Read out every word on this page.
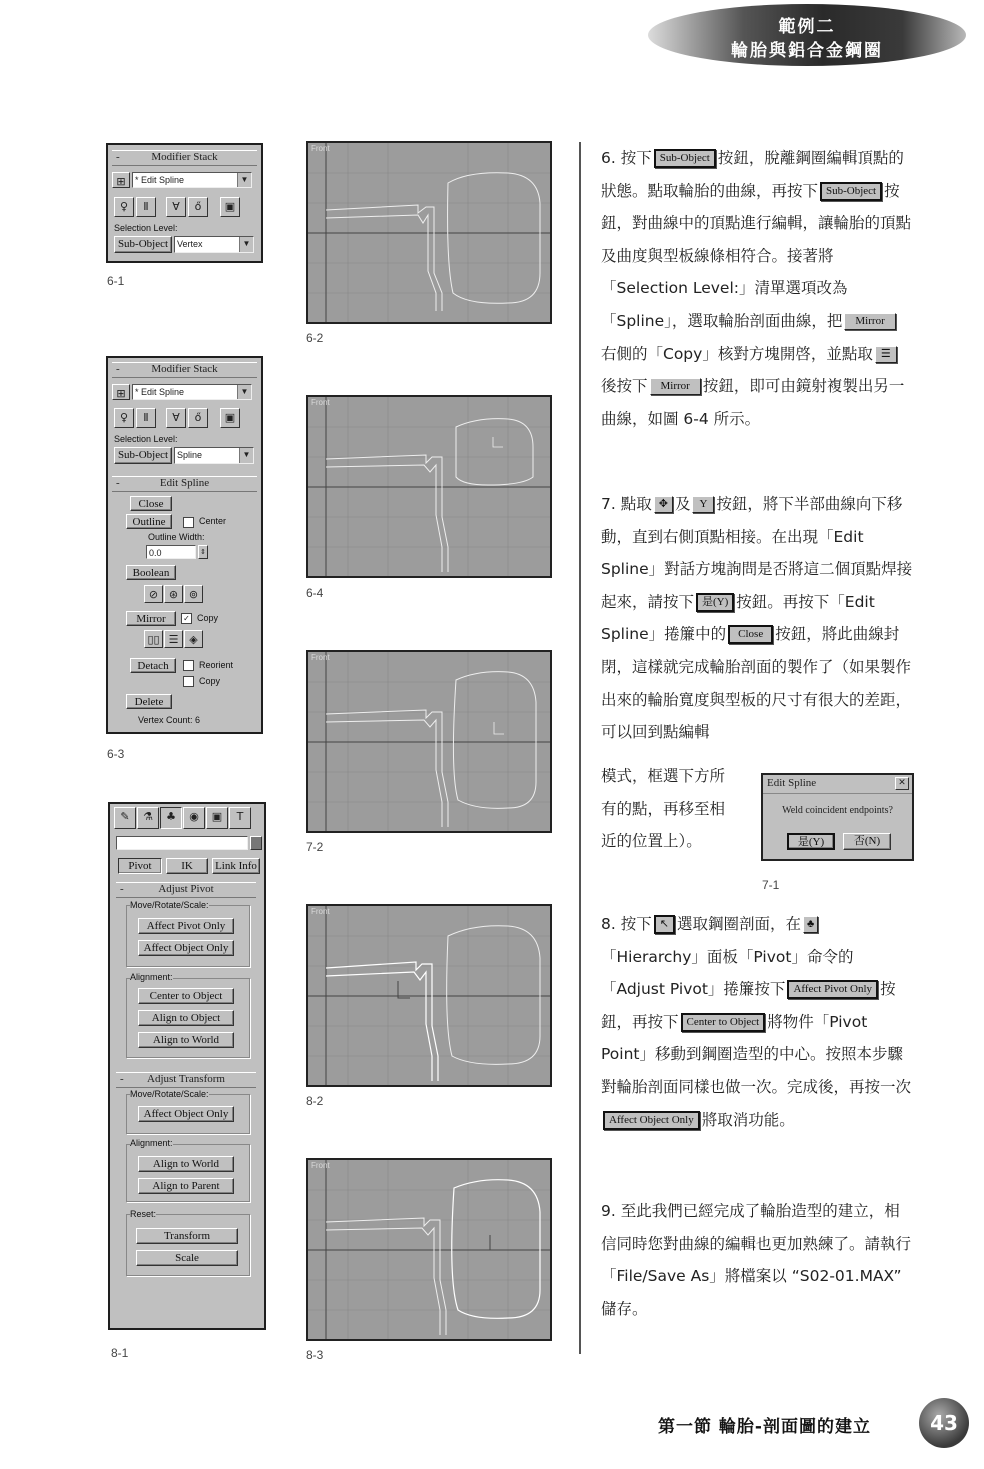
範例二
輪胎與鋁合金鋼圈
-	Modifier Stack
⊞	* Edit Spline	▼
♀	Ⅱ	∀	ő	▣
Selection Level:
Sub-Object Vertex	▼
6-1
-	Modifier Stack
⊞	* Edit Spline	▼
♀	Ⅱ	∀	ő	▣
Selection Level:
Sub-Object Spline	▼
-	Edit Spline
Close
Outline	Center
Outline Width:
0.0	⇕
Boolean
⊘ ⊛ ⊚
Mirror	✓ Copy
▯▯ ☰ ◈
Detach	Reorient
Copy
Delete
Vertex Count: 6
6-3
✎	⚗	♣	◉	▣	T
Pivot	IK	Link Info
-	Adjust Pivot
Move/Rotate/Scale:
Affect Pivot Only
Affect Object Only
Alignment:
Center to Object
Align to Object
Align to World
- Adjust Transform
Move/Rotate/Scale:
Affect Object Only
Alignment:
Align to World
Align to Parent
Reset:
Transform
Scale
8-1
Front
6-2
Front
6-4
Front
7-2
Front
8-2
Front
8-3
6. 按下 Sub-Object 按鈕，脫離鋼圈編輯頂點的狀態。點取輪胎的曲線，再按下 Sub-Object 按鈕，對曲線中的頂點進行編輯，讓輪胎的頂點及曲度與型板線條相符合。接著將「Selection Level:」清單選項改為「Spline」，選取輪胎剖面曲線，把 Mirror右側的「Copy」核對方塊開啓，並點取 ☰後按下 Mirror 按鈕，即可由鏡射複製出另一曲線，如圖 6-4 所示。
7. 點取 ✥ 及 Y 按鈕，將下半部曲線向下移動，直到右側頂點相接。在出現「Edit Spline」對話方塊詢問是否將這二個頂點焊接起來，請按下 是(Y) 按鈕。再按下「Edit Spline」捲簾中的 Close 按鈕，將此曲線封閉，這樣就完成輪胎剖面的製作了（如果製作出來的輪胎寬度與型板的尺寸有很大的差距，可以回到點編輯
模式，框選下方所
有的點，再移至相
近的位置上）。
Edit Spline	✕
Weld coincident endpoints?
是(Y)	否(N)
7-1
8. 按下 ↖ 選取鋼圈剖面，在 ♣「Hierarchy」面板「Pivot」命令的「Adjust Pivot」捲簾按下 Affect Pivot Only 按鈕，再按下 Center to Object 將物件「Pivot Point」移動到鋼圈造型的中心。按照本步驟對輪胎剖面同樣也做一次。完成後，再按一次Affect Object Only 將取消功能。
9. 至此我們已經完成了輪胎造型的建立，相信同時您對曲線的編輯也更加熟練了。請執行「File/Save As」將檔案以 “S02-01.MAX” 儲存。
第一節 輪胎-剖面圖的建立	43
